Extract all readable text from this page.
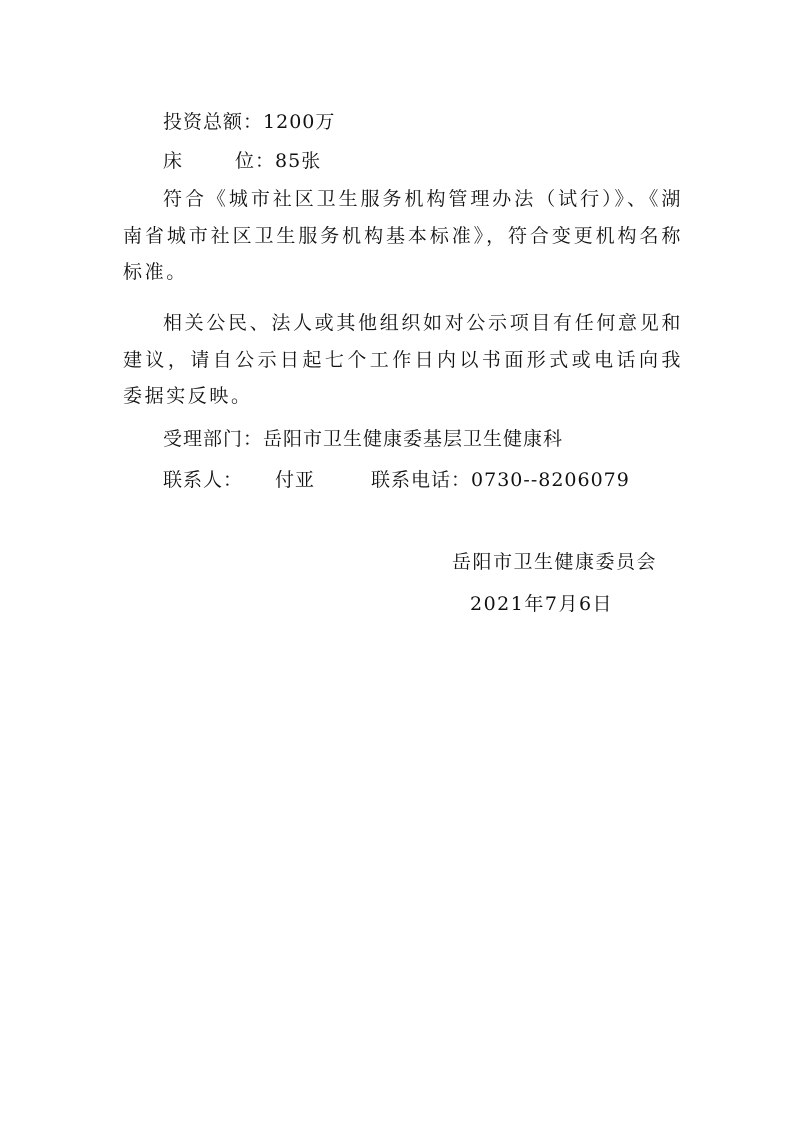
投资总额：1200万
床	位：85张
符合《城市社区卫生服务机构管理办法（试行）》、《湖南省城市社区卫生服务机构基本标准》，符合变更机构名称标准。
相关公民、法人或其他组织如对公示项目有任何意见和建议，请自公示日起七个工作日内以书面形式或电话向我委据实反映。
受理部门：岳阳市卫生健康委基层卫生健康科
联系人： 付亚	联系电话：0730--8206079
岳阳市卫生健康委员会
2021年7月6日
